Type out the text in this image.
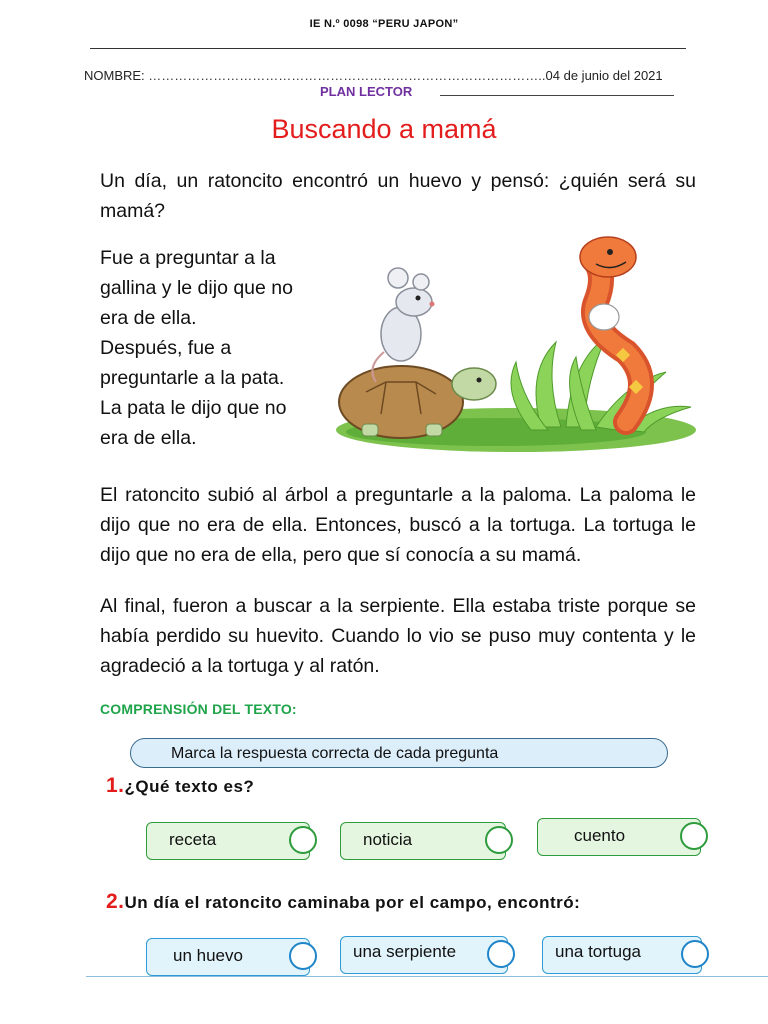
IE N.º 0098 “PERU JAPON”
NOMBRE: ………………………………………………………………………………..04 de junio del 2021
PLAN LECTOR
Buscando a mamá
Un día, un ratoncito encontró un huevo y pensó: ¿quién será su mamá?
Fue a preguntar a la
gallina y le dijo que no
era de ella.
Después, fue a
preguntarle a la pata.
La pata le dijo que no
era de ella.
El ratoncito subió al árbol a preguntarle a la paloma. La paloma le dijo que no era de ella. Entonces, buscó a la tortuga. La tortuga le dijo que no era de ella, pero que sí conocía a su mamá.
Al final, fueron a buscar a la serpiente. Ella estaba triste porque se había perdido su huevito. Cuando lo vio se puso muy contenta y le agradeció a la tortuga y al ratón.
COMPRENSIÓN DEL TEXTO:
Marca la respuesta correcta de cada pregunta
1.¿Qué texto es?
receta	noticia	cuento
2.Un día el ratoncito caminaba por el campo, encontró:
un huevo	una serpiente	una tortuga
